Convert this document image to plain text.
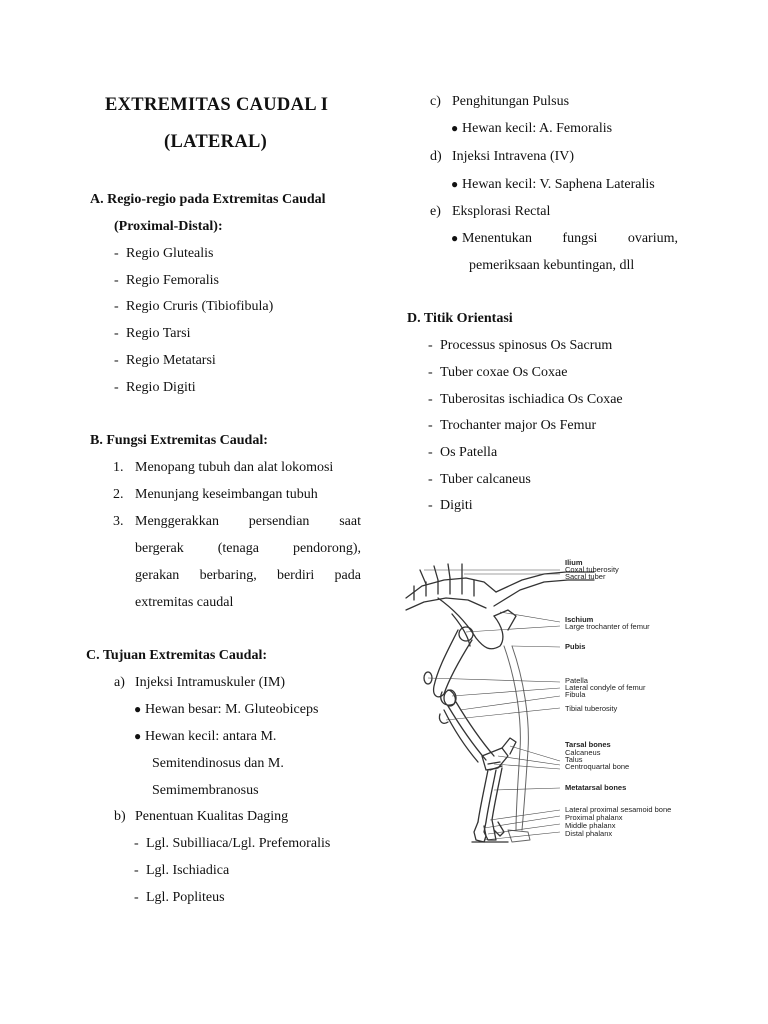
EXTREMITAS CAUDAL I
(LATERAL)
A. Regio-regio pada Extremitas Caudal
(Proximal-Distal):
- Regio Glutealis
- Regio Femoralis
- Regio Cruris (Tibiofibula)
- Regio Tarsi
- Regio Metatarsi
- Regio Digiti
B. Fungsi Extremitas Caudal:
1. Menopang tubuh dan alat lokomosi
2. Menunjang keseimbangan tubuh
3. Menggerakkan persendian saat
bergerak (tenaga pendorong),
gerakan berbaring, berdiri pada
extremitas caudal
C. Tujuan Extremitas Caudal:
a) Injeksi Intramuskuler (IM)
● Hewan besar: M. Gluteobiceps
● Hewan kecil: antara M.
Semitendinosus dan M.
Semimembranosus
b) Penentuan Kualitas Daging
- Lgl. Subilliaca/Lgl. Prefemoralis
- Lgl. Ischiadica
- Lgl. Popliteus
c) Penghitungan Pulsus
● Hewan kecil: A. Femoralis
d) Injeksi Intravena (IV)
● Hewan kecil: V. Saphena Lateralis
e) Eksplorasi Rectal
● Menentukan fungsi ovarium,
pemeriksaan kebuntingan, dll
D. Titik Orientasi
- Processus spinosus Os Sacrum
- Tuber coxae Os Coxae
- Tuberositas ischiadica Os Coxae
- Trochanter major Os Femur
- Os Patella
- Tuber calcaneus
- Digiti
Ilium
Coxal tuberosity
Sacral tuber
Ischium
Large trochanter of femur
Pubis
Patella
Lateral condyle of femur
Fibula
Tibial tuberosity
Tarsal bones
Calcaneus
Talus
Centroquartal bone
Metatarsal bones
Lateral proximal sesamoid bone
Proximal phalanx
Middle phalanx
Distal phalanx
